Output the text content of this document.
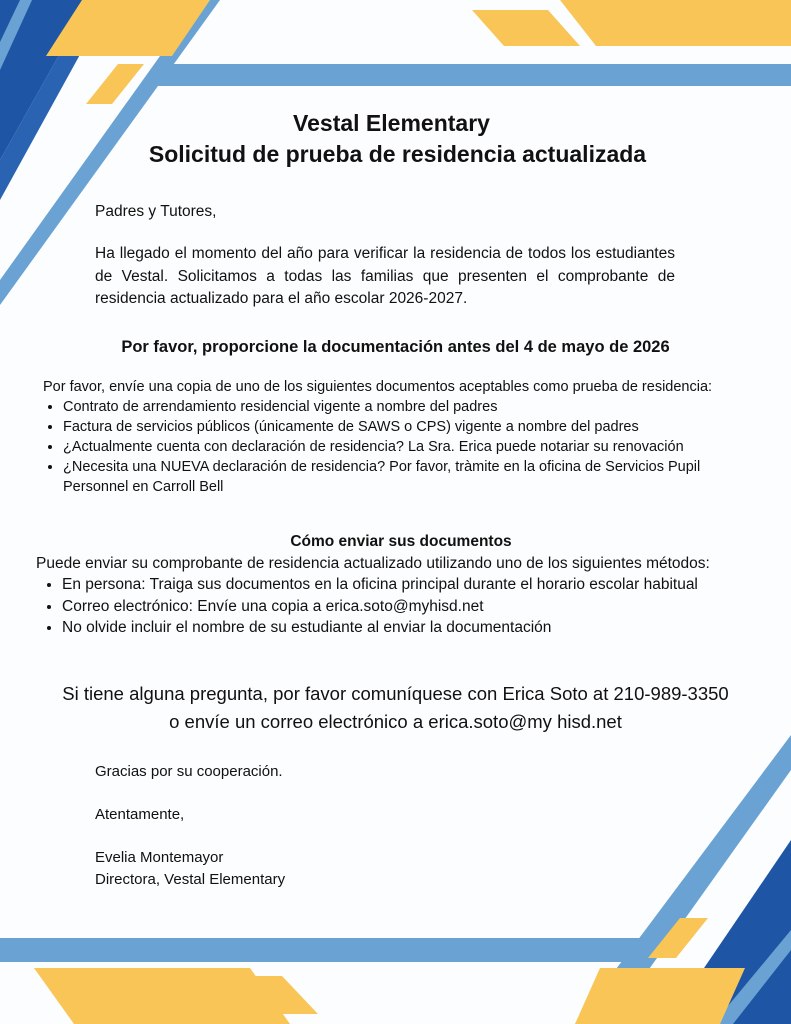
Vestal Elementary
Solicitud de prueba de residencia actualizada
Padres y Tutores,
Ha llegado el momento del año para verificar la residencia de todos los estudiantes de Vestal. Solicitamos a todas las familias que presenten el comprobante de residencia actualizado para el año escolar 2026-2027.
Por favor, proporcione la documentación antes del 4 de mayo de 2026
Por favor, envíe una copia de uno de los siguientes documentos aceptables como prueba de residencia:
• Contrato de arrendamiento residencial vigente a nombre del padres
• Factura de servicios públicos (únicamente de SAWS o CPS) vigente a nombre del padres
• ¿Actualmente cuenta con declaración de residencia? La Sra. Erica puede notariar su renovación
• ¿Necesita una NUEVA declaración de residencia? Por favor, tràmite en la oficina de Servicios Pupil Personnel en Carroll Bell
Cómo enviar sus documentos
Puede enviar su comprobante de residencia actualizado utilizando uno de los siguientes métodos:
• En persona: Traiga sus documentos en la oficina principal durante el horario escolar habitual
• Correo electrónico: Envíe una copia a erica.soto@myhisd.net
• No olvide incluir el nombre de su estudiante al enviar la documentación
Si tiene alguna pregunta, por favor comuníquese con Erica Soto at 210-989-3350
o envíe un correo electrónico a erica.soto@my hisd.net
Gracias por su cooperación.
Atentamente,
Evelia Montemayor
Directora, Vestal Elementary
